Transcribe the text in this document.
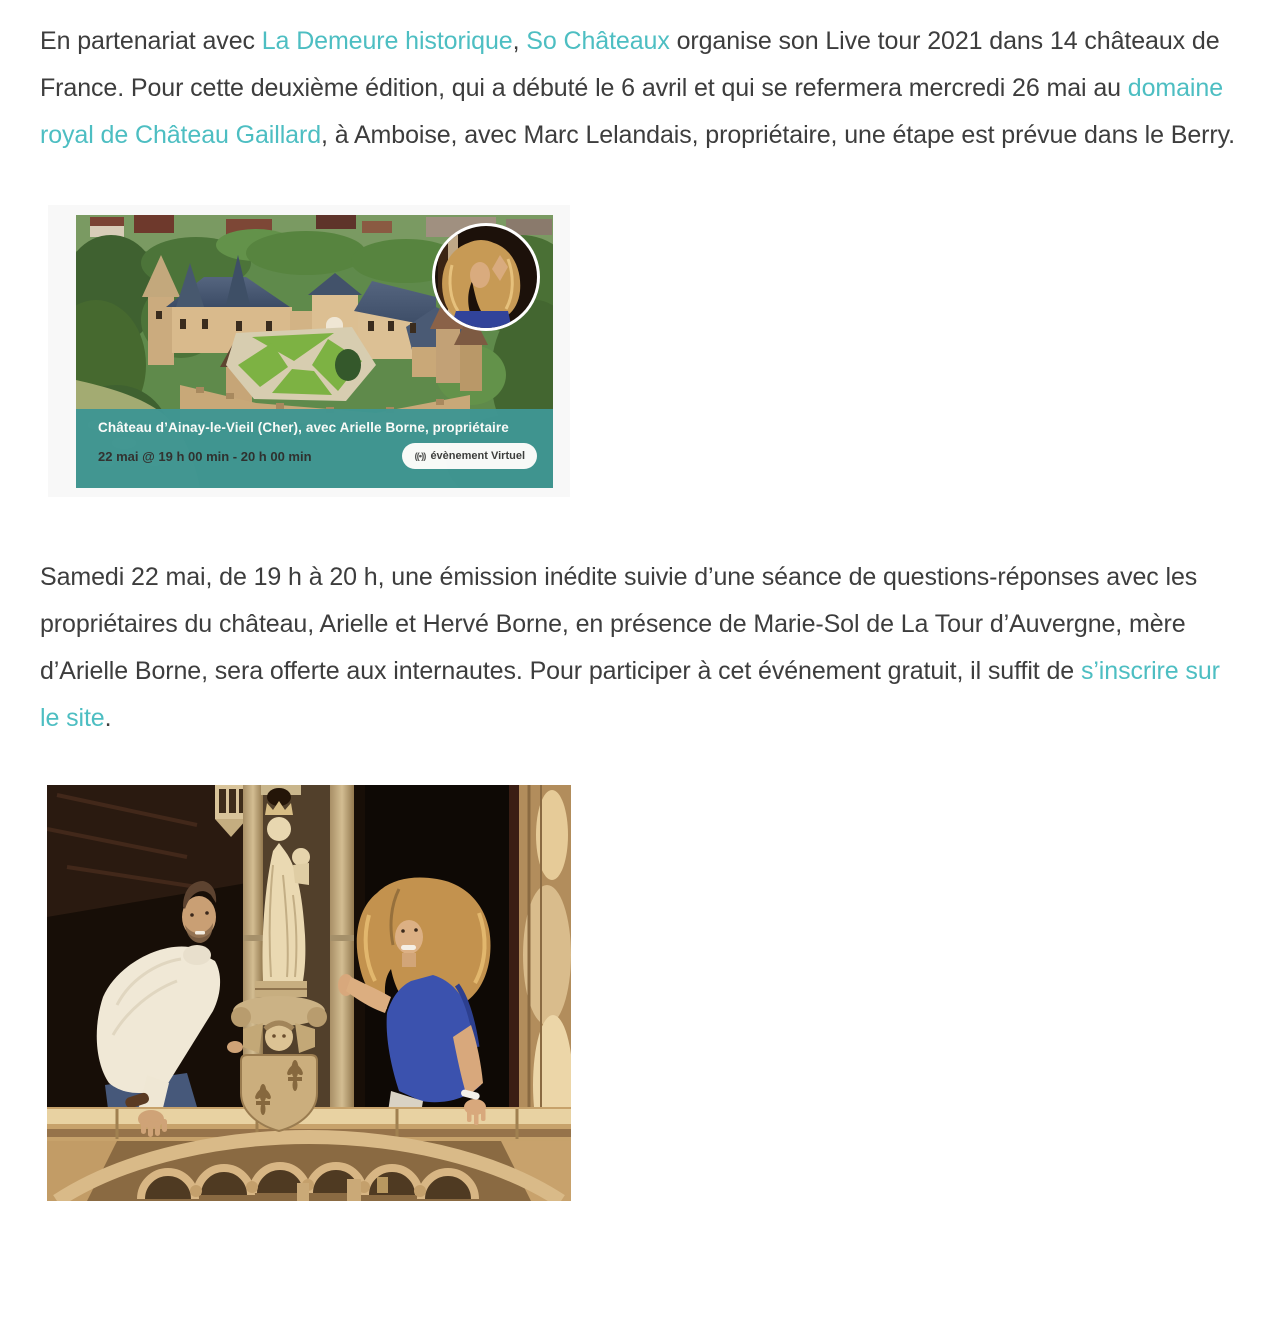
En partenariat avec La Demeure historique, So Châteaux organise son Live tour 2021 dans 14 châteaux de France. Pour cette deuxième édition, qui a débuté le 6 avril et qui se refermera mercredi 26 mai au domaine royal de Château Gaillard, à Amboise, avec Marc Lelandais, propriétaire, une étape est prévue dans le Berry.

Château d’Ainay-le-Vieil (Cher), avec Arielle Borne, propriétaire
22 mai @ 19 h 00 min - 20 h 00 min	((•)) évènement Virtuel

Samedi 22 mai, de 19 h à 20 h, une émission inédite suivie d’une séance de questions-réponses avec les propriétaires du château, Arielle et Hervé Borne, en présence de Marie-Sol de La Tour d’Auvergne, mère d’Arielle Borne, sera offerte aux internautes. Pour participer à cet événement gratuit, il suffit de s’inscrire sur le site.
